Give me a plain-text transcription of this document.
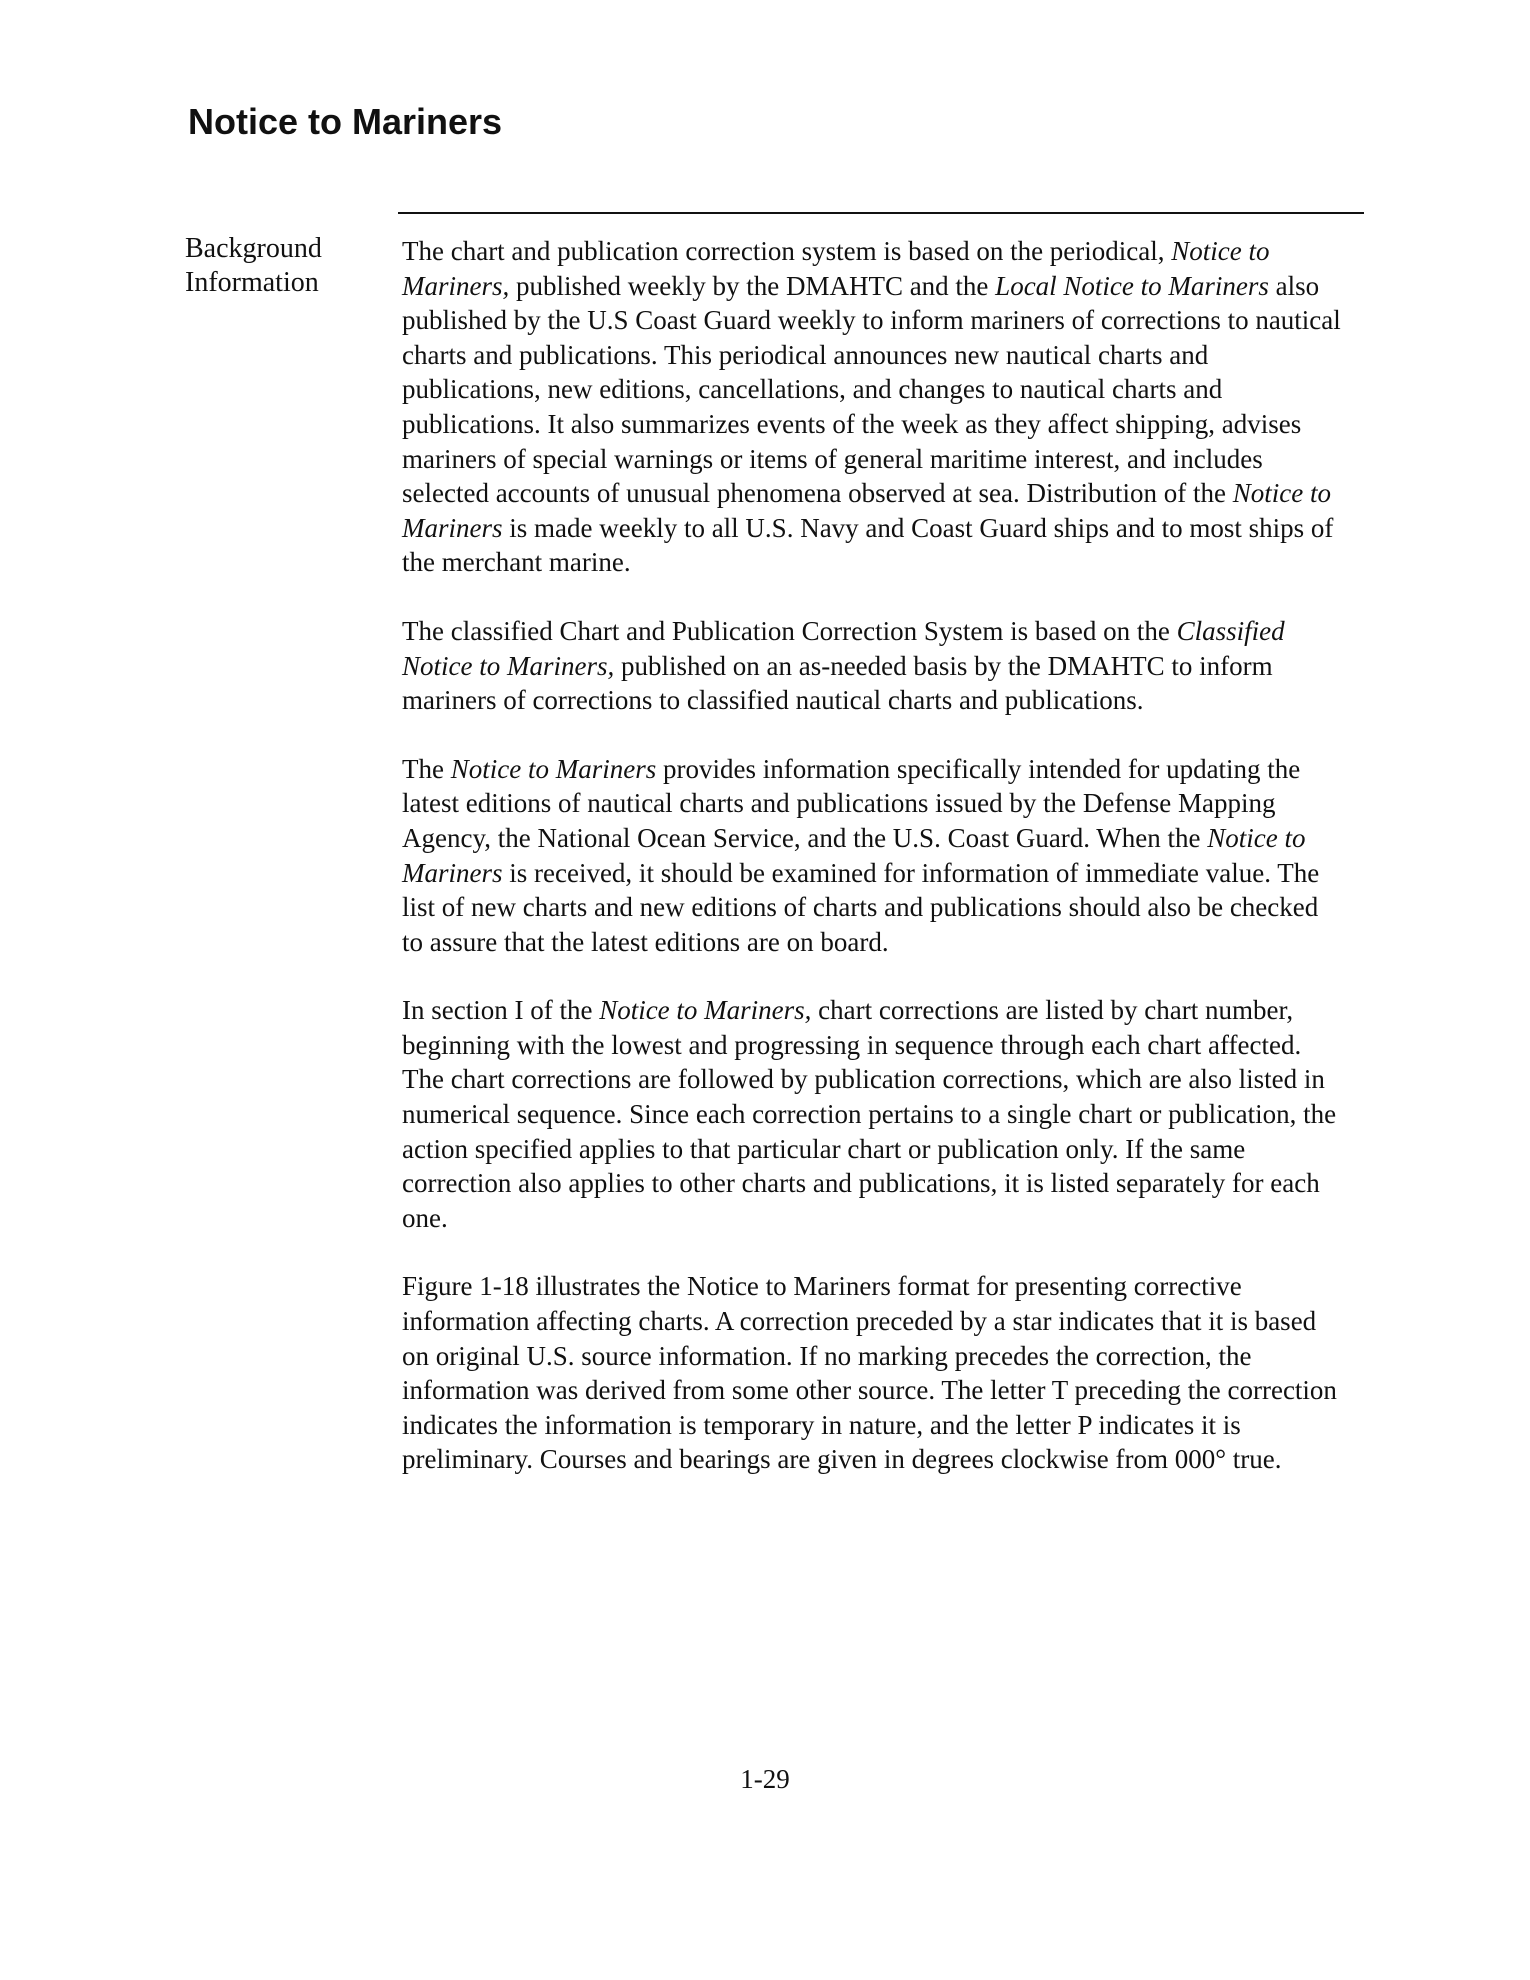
Notice to Mariners
Background
Information

The chart and publication correction system is based on the periodical, Notice to Mariners, published weekly by the DMAHTC and the Local Notice to Mariners also published by the U.S Coast Guard weekly to inform mariners of corrections to nautical charts and publications. This periodical announces new nautical charts and publications, new editions, cancellations, and changes to nautical charts and publications. It also summarizes events of the week as they affect shipping, advises mariners of special warnings or items of general maritime interest, and includes selected accounts of unusual phenomena observed at sea. Distribution of the Notice to Mariners is made weekly to all U.S. Navy and Coast Guard ships and to most ships of the merchant marine.

The classified Chart and Publication Correction System is based on the Classified Notice to Mariners, published on an as-needed basis by the DMAHTC to inform mariners of corrections to classified nautical charts and publications.

The Notice to Mariners provides information specifically intended for updating the latest editions of nautical charts and publications issued by the Defense Mapping Agency, the National Ocean Service, and the U.S. Coast Guard. When the Notice to Mariners is received, it should be examined for information of immediate value. The list of new charts and new editions of charts and publications should also be checked to assure that the latest editions are on board.

In section I of the Notice to Mariners, chart corrections are listed by chart number, beginning with the lowest and progressing in sequence through each chart affected. The chart corrections are followed by publication corrections, which are also listed in numerical sequence. Since each correction pertains to a single chart or publication, the action specified applies to that particular chart or publication only. If the same correction also applies to other charts and publications, it is listed separately for each one.

Figure 1-18 illustrates the Notice to Mariners format for presenting corrective information affecting charts. A correction preceded by a star indicates that it is based on original U.S. source information. If no marking precedes the correction, the information was derived from some other source. The letter T preceding the correction indicates the information is temporary in nature, and the letter P indicates it is preliminary. Courses and bearings are given in degrees clockwise from 000° true.

1-29
